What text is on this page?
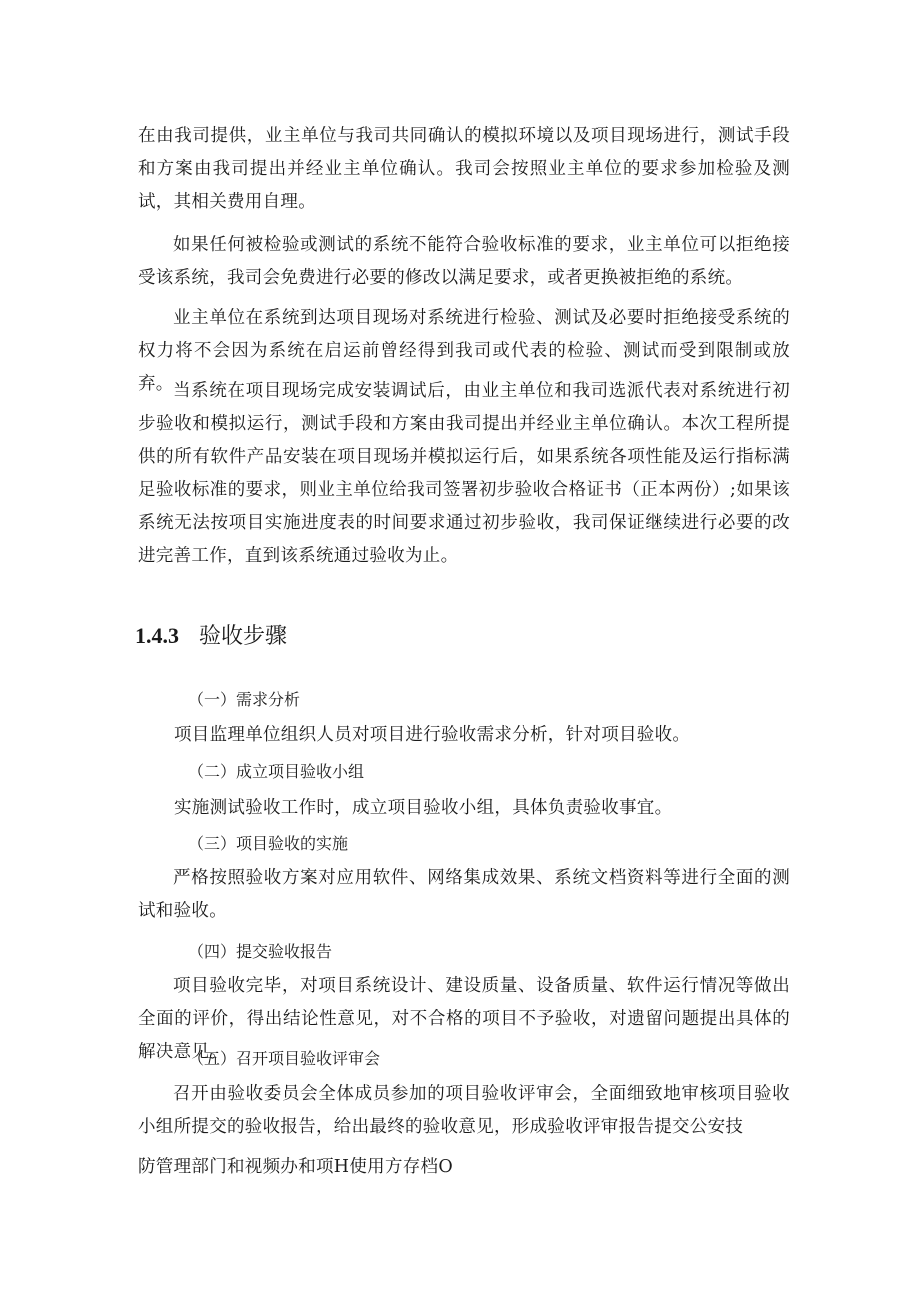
在由我司提供，业主单位与我司共同确认的模拟环境以及项目现场进行，测试手段和方案由我司提出并经业主单位确认。我司会按照业主单位的要求参加检验及测试，其相关费用自理。

如果任何被检验或测试的系统不能符合验收标准的要求，业主单位可以拒绝接受该系统，我司会免费进行必要的修改以满足要求，或者更换被拒绝的系统。

业主单位在系统到达项目现场对系统进行检验、测试及必要时拒绝接受系统的权力将不会因为系统在启运前曾经得到我司或代表的检验、测试而受到限制或放弃。 当系统在项目现场完成安装调试后，由业主单位和我司选派代表对系统进行初步验收和模拟运行，测试手段和方案由我司提出并经业主单位确认。本次工程所提供的所有软件产品安装在项目现场并模拟运行后，如果系统各项性能及运行指标满足验收标准的要求，则业主单位给我司签署初步验收合格证书（正本两份）;如果该系统无法按项目实施进度表的时间要求通过初步验收，我司保证继续进行必要的改进完善工作，直到该系统通过验收为止。

1.4.3 验收步骤

（一）需求分析

项目监理单位组织人员对项目进行验收需求分析，针对项目验收。

（二）成立项目验收小组

实施测试验收工作时，成立项目验收小组，具体负责验收事宜。

（三）项目验收的实施

严格按照验收方案对应用软件、网络集成效果、系统文档资料等进行全面的测试和验收。

（四）提交验收报告

项目验收完毕，对项目系统设计、建设质量、设备质量、软件运行情况等做出全面的评价，得出结论性意见，对不合格的项目不予验收，对遗留问题提出具体的解决意见。

（五）召开项目验收评审会

召开由验收委员会全体成员参加的项目验收评审会，全面细致地审核项目验收小组所提交的验收报告，给出最终的验收意见，形成验收评审报告提交公安技

防管理部门和视频办和项H使用方存档O
